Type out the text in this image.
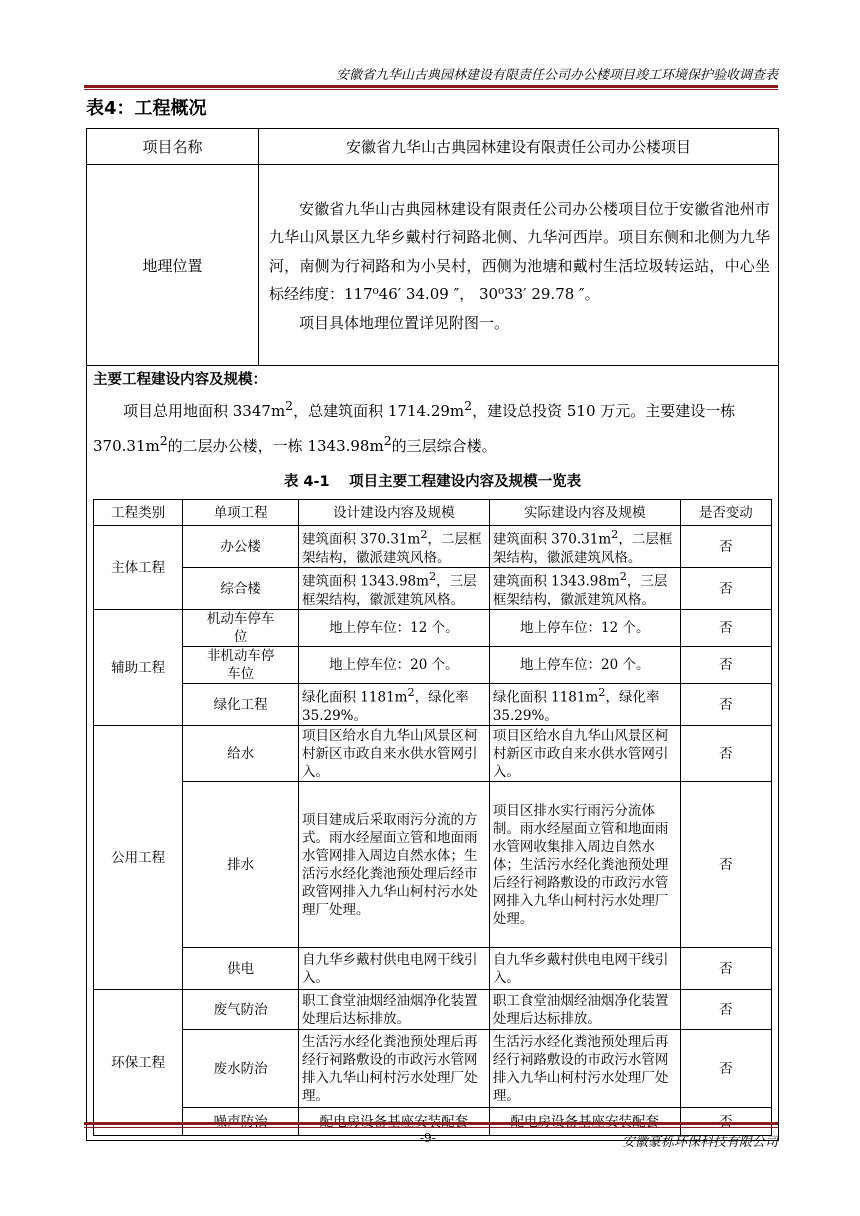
安徽省九华山古典园林建设有限责任公司办公楼项目竣工环境保护验收调查表
表4：工程概况
项目名称	安徽省九华山古典园林建设有限责任公司办公楼项目
地理位置	

安徽省九华山古典园林建设有限责任公司办公楼项目位于安徽省池州市九华山风景区九华乡戴村行祠路北侧、九华河西岸。项目东侧和北侧为九华河，南侧为行祠路和为小吴村，西侧为池塘和戴村生活垃圾转运站，中心坐标经纬度：117⁰46′ 34.09 ″， 30⁰33′ 29.78 ″。

项目具体地理位置详见附图一。

主要工程建设内容及规模：

项目总用地面积 $3347m^2$，总建筑面积 $1714.29m^2$，建设总投资 510 万元。主要建设一栋 $370.31m^2$的二层办公楼，一栋 $1343.98m^2$的三层综合楼。

表 4-1　 项目主要工程建设内容及规模一览表
工程类别	单项工程	设计建设内容及规模	实际建设内容及规模	是否变动
主体工程	办公楼	建筑面积 $370.31m^2$，二层框架结构，徽派建筑风格。	建筑面积 $370.31m^2$，二层框架结构，徽派建筑风格。	否
综合楼	建筑面积 $1343.98m^2$，三层框架结构，徽派建筑风格。	建筑面积 $1343.98m^2$，三层框架结构，徽派建筑风格。	否
辅助工程	机动车停车位	地上停车位：12 个。	地上停车位：12 个。	否
非机动车停车位	地上停车位：20 个。	地上停车位：20 个。	否
绿化工程	绿化面积 $1181m^2$，绿化率 35.29%。	绿化面积 $1181m^2$，绿化率 35.29%。	否
公用工程	给水	项目区给水自九华山风景区柯村新区市政自来水供水管网引入。	项目区给水自九华山风景区柯村新区市政自来水供水管网引入。	否
排水	项目建成后采取雨污分流的方式。雨水经屋面立管和地面雨水管网排入周边自然水体；生活污水经化粪池预处理后经市政管网排入九华山柯村污水处理厂处理。	项目区排水实行雨污分流体制。雨水经屋面立管和地面雨水管网收集排入周边自然水体；生活污水经化粪池预处理后经行祠路敷设的市政污水管网排入九华山柯村污水处理厂处理。	否
供电	自九华乡戴村供电电网干线引入。	自九华乡戴村供电电网干线引入。	否
环保工程	废气防治	职工食堂油烟经油烟净化装置处理后达标排放。	职工食堂油烟经油烟净化装置处理后达标排放。	否
废水防治	生活污水经化粪池预处理后再经行祠路敷设的市政污水管网排入九华山柯村污水处理厂处理。	生活污水经化粪池预处理后再经行祠路敷设的市政污水管网排入九华山柯村污水处理厂处理。	否

-9-	安徽豪栎环保科技有限公司
